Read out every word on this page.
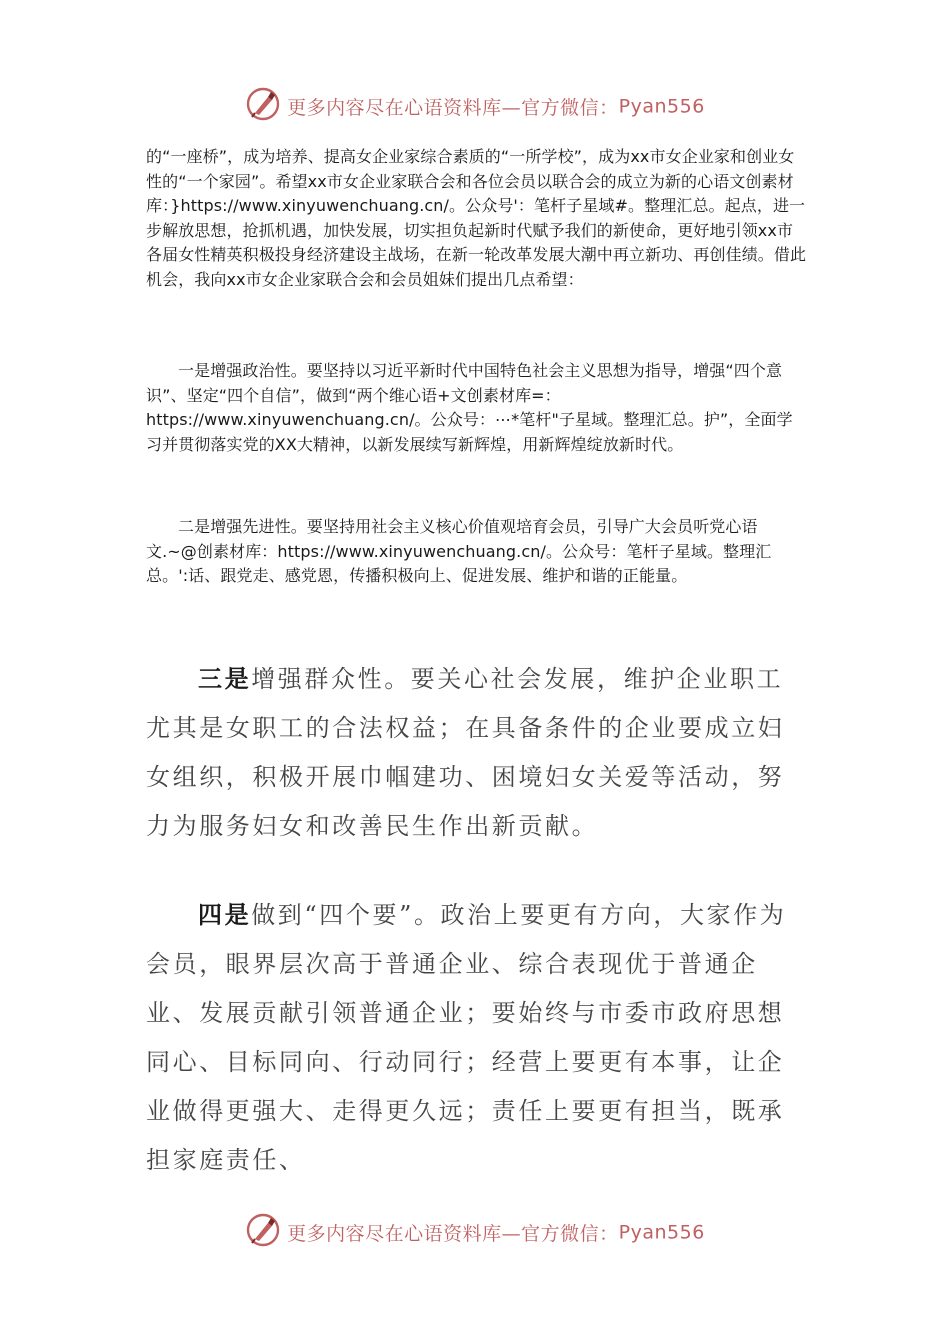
更多内容尽在心语资料库—官方微信：Pyan556

的“一座桥”，成为培养、提高女企业家综合素质的“一所学校”，成为xx市女企业家和创业女性的“一个家园”。希望xx市女企业家联合会和各位会员以联合会的成立为新的心语文创素材库：}https://www.xinyuwenchuang.cn/。公众号'：笔杆子星域#。整理汇总。起点，进一步解放思想，抢抓机遇，加快发展，切实担负起新时代赋予我们的新使命，更好地引领xx市各届女性精英积极投身经济建设主战场，在新一轮改革发展大潮中再立新功、再创佳绩。借此机会，我向xx市女企业家联合会和会员姐妹们提出几点希望：

一是增强政治性。要坚持以习近平新时代中国特色社会主义思想为指导，增强“四个意识”、坚定“四个自信”，做到“两个维心语+文创素材库=：https://www.xinyuwenchuang.cn/。公众号：⋯*笔杆"子星域。整理汇总。护”，全面学习并贯彻落实党的XX大精神，以新发展续写新辉煌，用新辉煌绽放新时代。

二是增强先进性。要坚持用社会主义核心价值观培育会员，引导广大会员听党心语文.~@创素材库：https://www.xinyuwenchuang.cn/。公众号：笔杆子星域。整理汇总。':话、跟党走、感党恩，传播积极向上、促进发展、维护和谐的正能量。

三是增强群众性。要关心社会发展，维护企业职工尤其是女职工的合法权益；在具备条件的企业要成立妇女组织，积极开展巾帼建功、困境妇女关爱等活动，努力为服务妇女和改善民生作出新贡献。

四是做到“四个要”。政治上要更有方向，大家作为会员，眼界层次高于普通企业、综合表现优于普通企业、发展贡献引领普通企业；要始终与市委市政府思想同心、目标同向、行动同行；经营上要更有本事，让企业做得更强大、走得更久远；责任上要更有担当，既承担家庭责任、

更多内容尽在心语资料库—官方微信：Pyan556
